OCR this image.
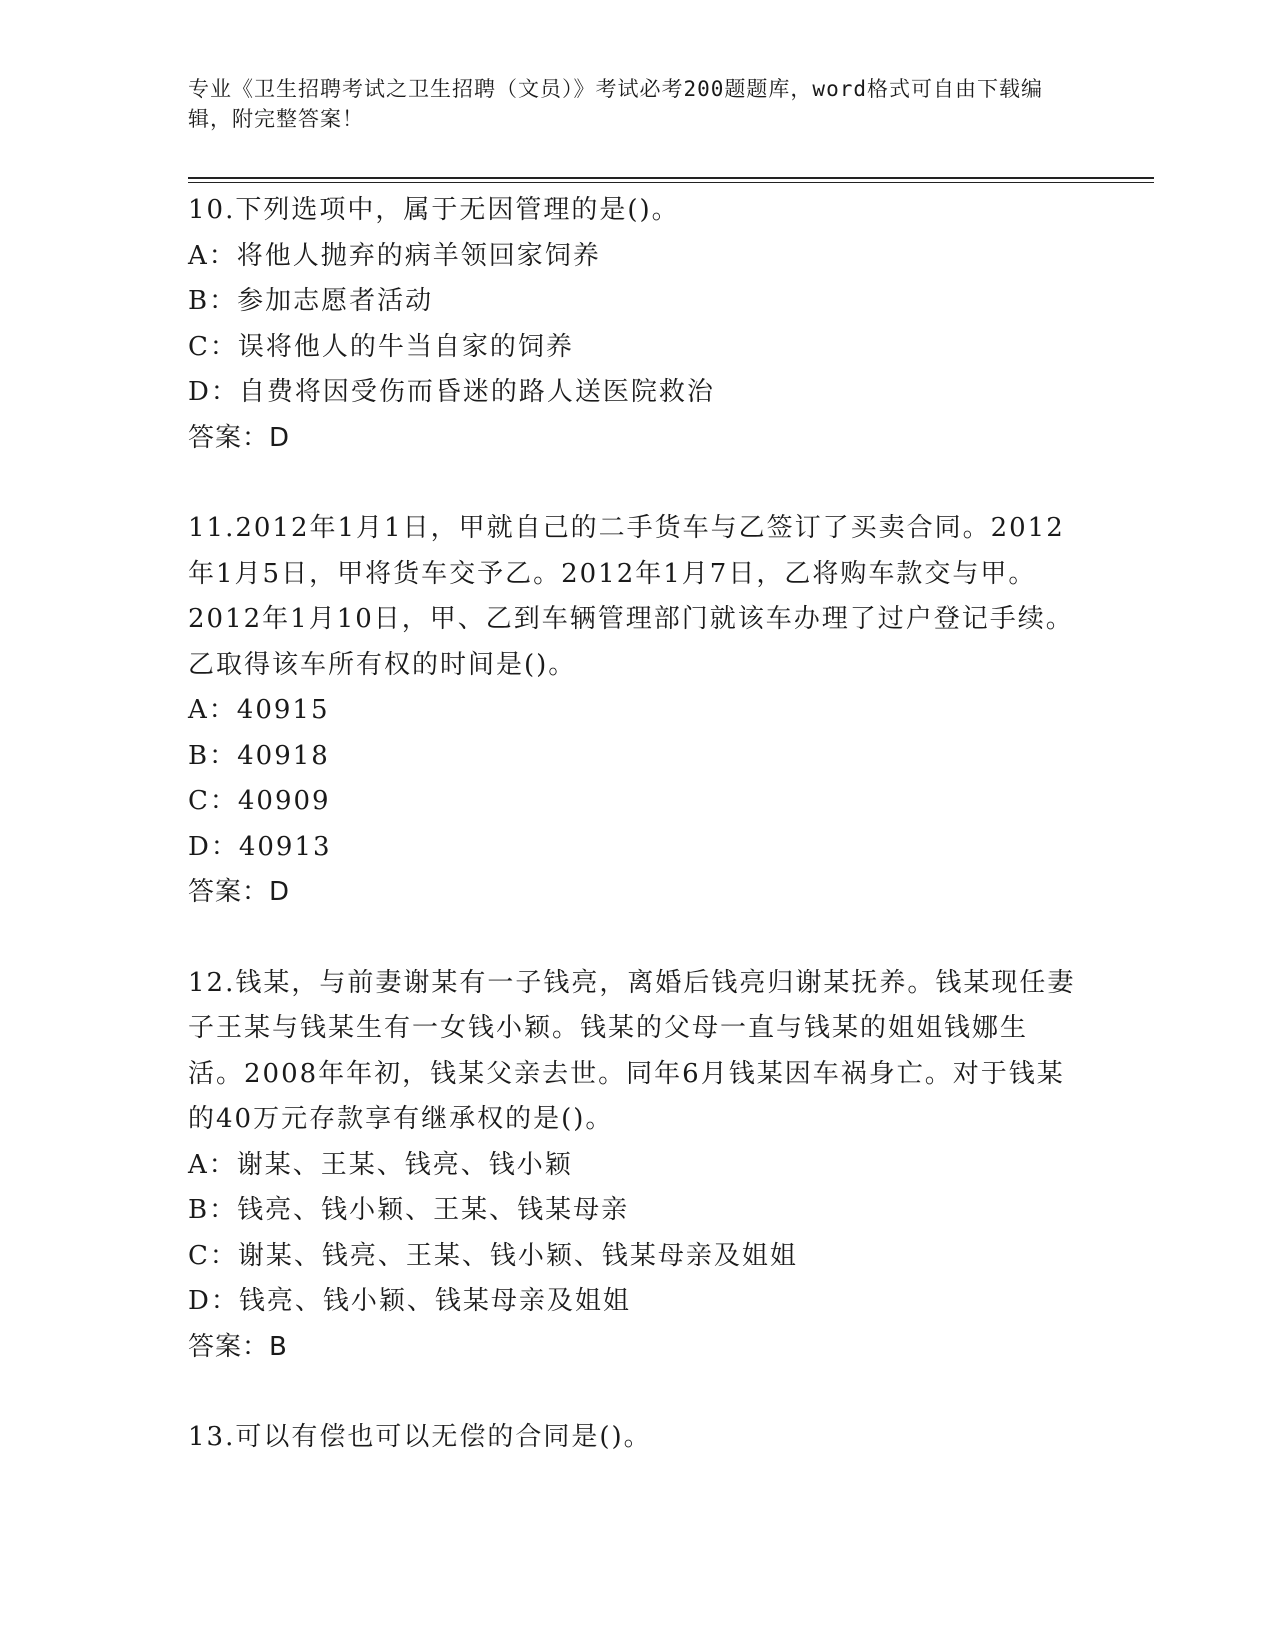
专业《卫生招聘考试之卫生招聘（文员）》考试必考200题题库，word格式可自由下载编辑，附完整答案！

10.下列选项中，属于无因管理的是()。

A：将他人抛弃的病羊领回家饲养

B：参加志愿者活动

C：误将他人的牛当自家的饲养

D：自费将因受伤而昏迷的路人送医院救治

答案：D

11.2012年1月1日，甲就自己的二手货车与乙签订了买卖合同。2012年1月5日，甲将货车交予乙。2012年1月7日，乙将购车款交与甲。2012年1月10日，甲、乙到车辆管理部门就该车办理了过户登记手续。乙取得该车所有权的时间是()。

A：40915

B：40918

C：40909

D：40913

答案：D

12.钱某，与前妻谢某有一子钱亮，离婚后钱亮归谢某抚养。钱某现任妻子王某与钱某生有一女钱小颖。钱某的父母一直与钱某的姐姐钱娜生活。2008年年初，钱某父亲去世。同年6月钱某因车祸身亡。对于钱某的40万元存款享有继承权的是()。

A：谢某、王某、钱亮、钱小颖

B：钱亮、钱小颖、王某、钱某母亲

C：谢某、钱亮、王某、钱小颖、钱某母亲及姐姐

D：钱亮、钱小颖、钱某母亲及姐姐

答案：B

13.可以有偿也可以无偿的合同是()。
